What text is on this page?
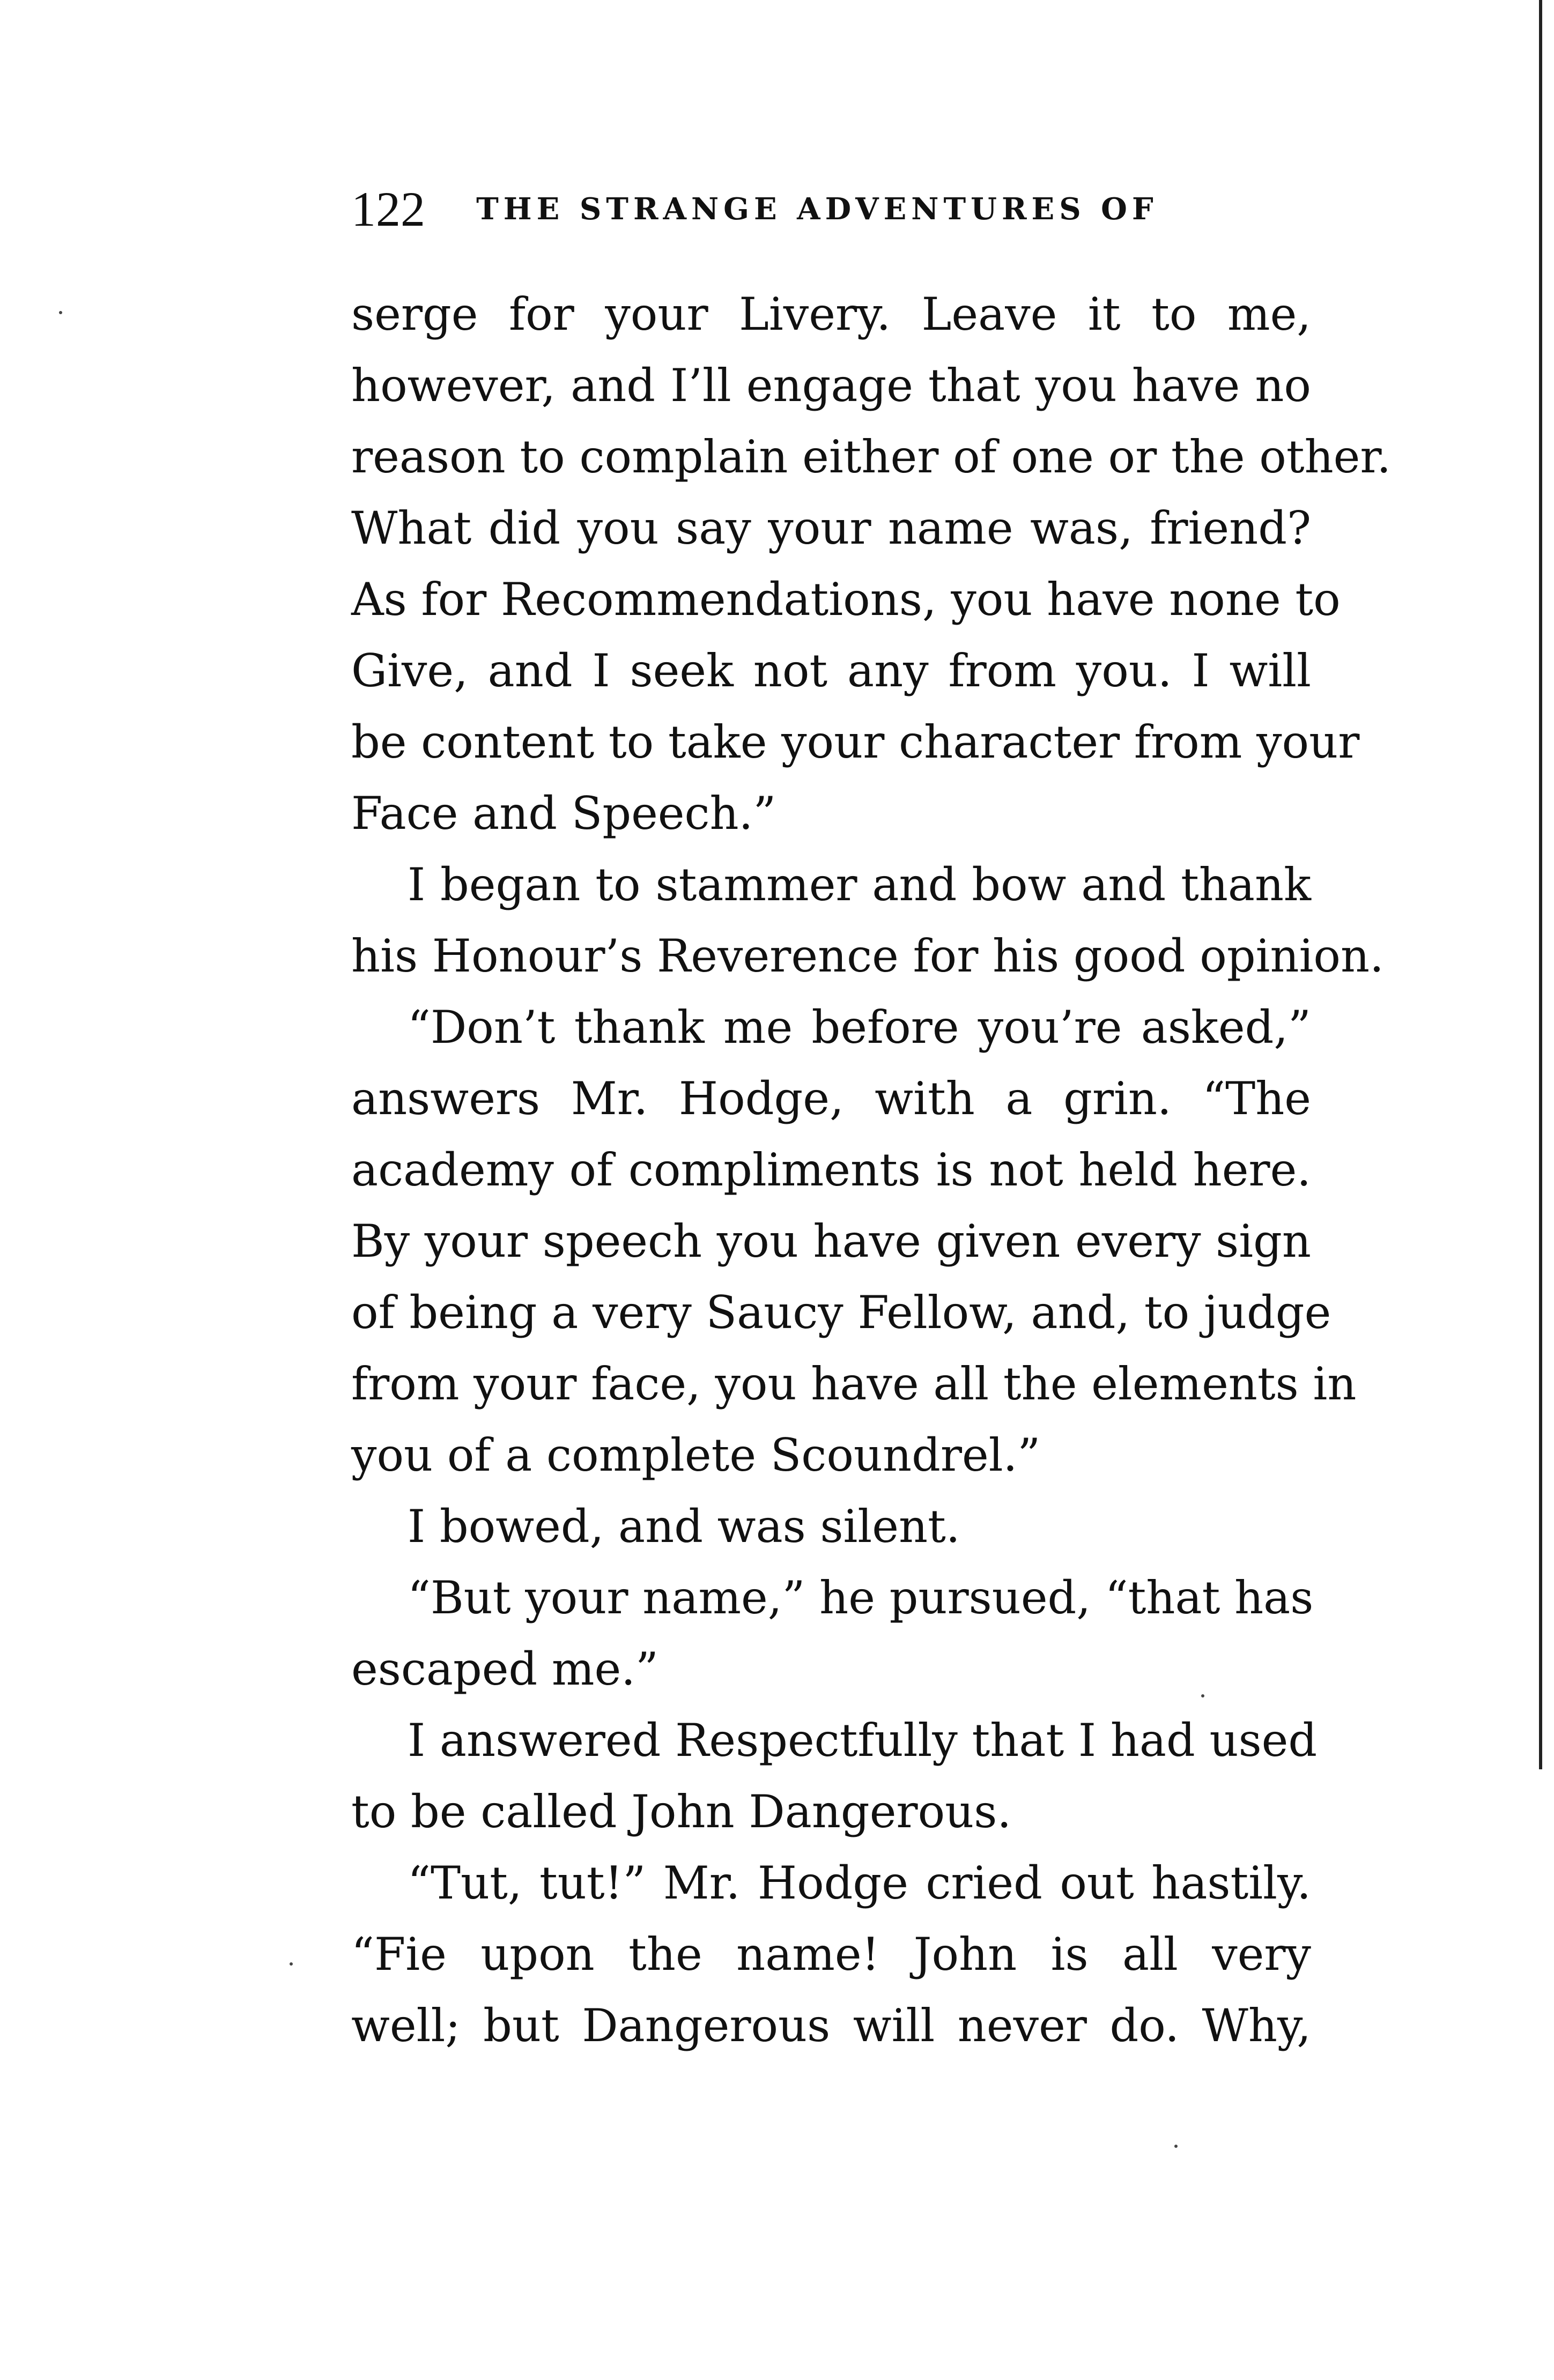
122 THE STRANGE ADVENTURES OF
serge for your Livery. Leave it to me,
however, and I’ll engage that you have no
reason to complain either of one or the other.
What did you say your name was, friend?
As for Recommendations, you have none to
Give, and I seek not any from you. I will
be content to take your character from your
Face and Speech.”
I began to stammer and bow and thank
his Honour’s Reverence for his good opinion.
“Don’t thank me before you’re asked,”
answers Mr. Hodge, with a grin. “The
academy of compliments is not held here.
By your speech you have given every sign
of being a very Saucy Fellow, and, to judge
from your face, you have all the elements in
you of a complete Scoundrel.”
I bowed, and was silent.
“But your name,” he pursued, “that has
escaped me.”
I answered Respectfully that I had used
to be called John Dangerous.
“Tut, tut!” Mr. Hodge cried out hastily.
“Fie upon the name! John is all very
well; but Dangerous will never do. Why,
